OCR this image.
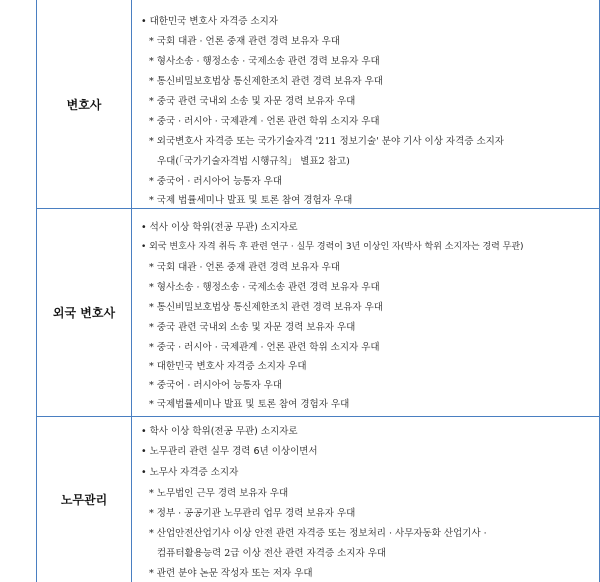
변호사
• 대한민국 변호사 자격증 소지자
* 국회 대관 · 언론 중재 관련 경력 보유자 우대
* 형사소송 · 행정소송 · 국제소송 관련 경력 보유자 우대
* 통신비밀보호법상 통신제한조치 관련 경력 보유자 우대
* 중국 관련 국내외 소송 및 자문 경력 보유자 우대
* 중국 · 러시아 · 국제관계 · 언론 관련 학위 소지자 우대
* 외국변호사 자격증 또는 국가기술자격 '211 정보기술' 분야 기사 이상 자격증 소지자
우대(「국가기술자격법 시행규칙」 별표2 참고)
* 중국어 · 러시아어 능통자 우대
* 국제 법률세미나 발표 및 토론 참여 경험자 우대
외국 변호사
• 석사 이상 학위(전공 무관) 소지자로
• 외국 변호사 자격 취득 후 관련 연구 · 실무 경력이 3년 이상인 자(박사 학위 소지자는 경력 무관)
* 국회 대관 · 언론 중재 관련 경력 보유자 우대
* 형사소송 · 행정소송 · 국제소송 관련 경력 보유자 우대
* 통신비밀보호법상 통신제한조치 관련 경력 보유자 우대
* 중국 관련 국내외 소송 및 자문 경력 보유자 우대
* 중국 · 러시아 · 국제관계 · 언론 관련 학위 소지자 우대
* 대한민국 변호사 자격증 소지자 우대
* 중국어 · 러시아어 능통자 우대
* 국제법률세미나 발표 및 토론 참여 경험자 우대
노무관리
• 학사 이상 학위(전공 무관) 소지자로
• 노무관리 관련 실무 경력 6년 이상이면서
• 노무사 자격증 소지자
* 노무법인 근무 경력 보유자 우대
* 정부 · 공공기관 노무관리 업무 경력 보유자 우대
* 산업안전산업기사 이상 안전 관련 자격증 또는 정보처리 · 사무자동화 산업기사 ·
컴퓨터활용능력 2급 이상 전산 관련 자격증 소지자 우대
* 관련 분야 논문 작성자 또는 저자 우대
